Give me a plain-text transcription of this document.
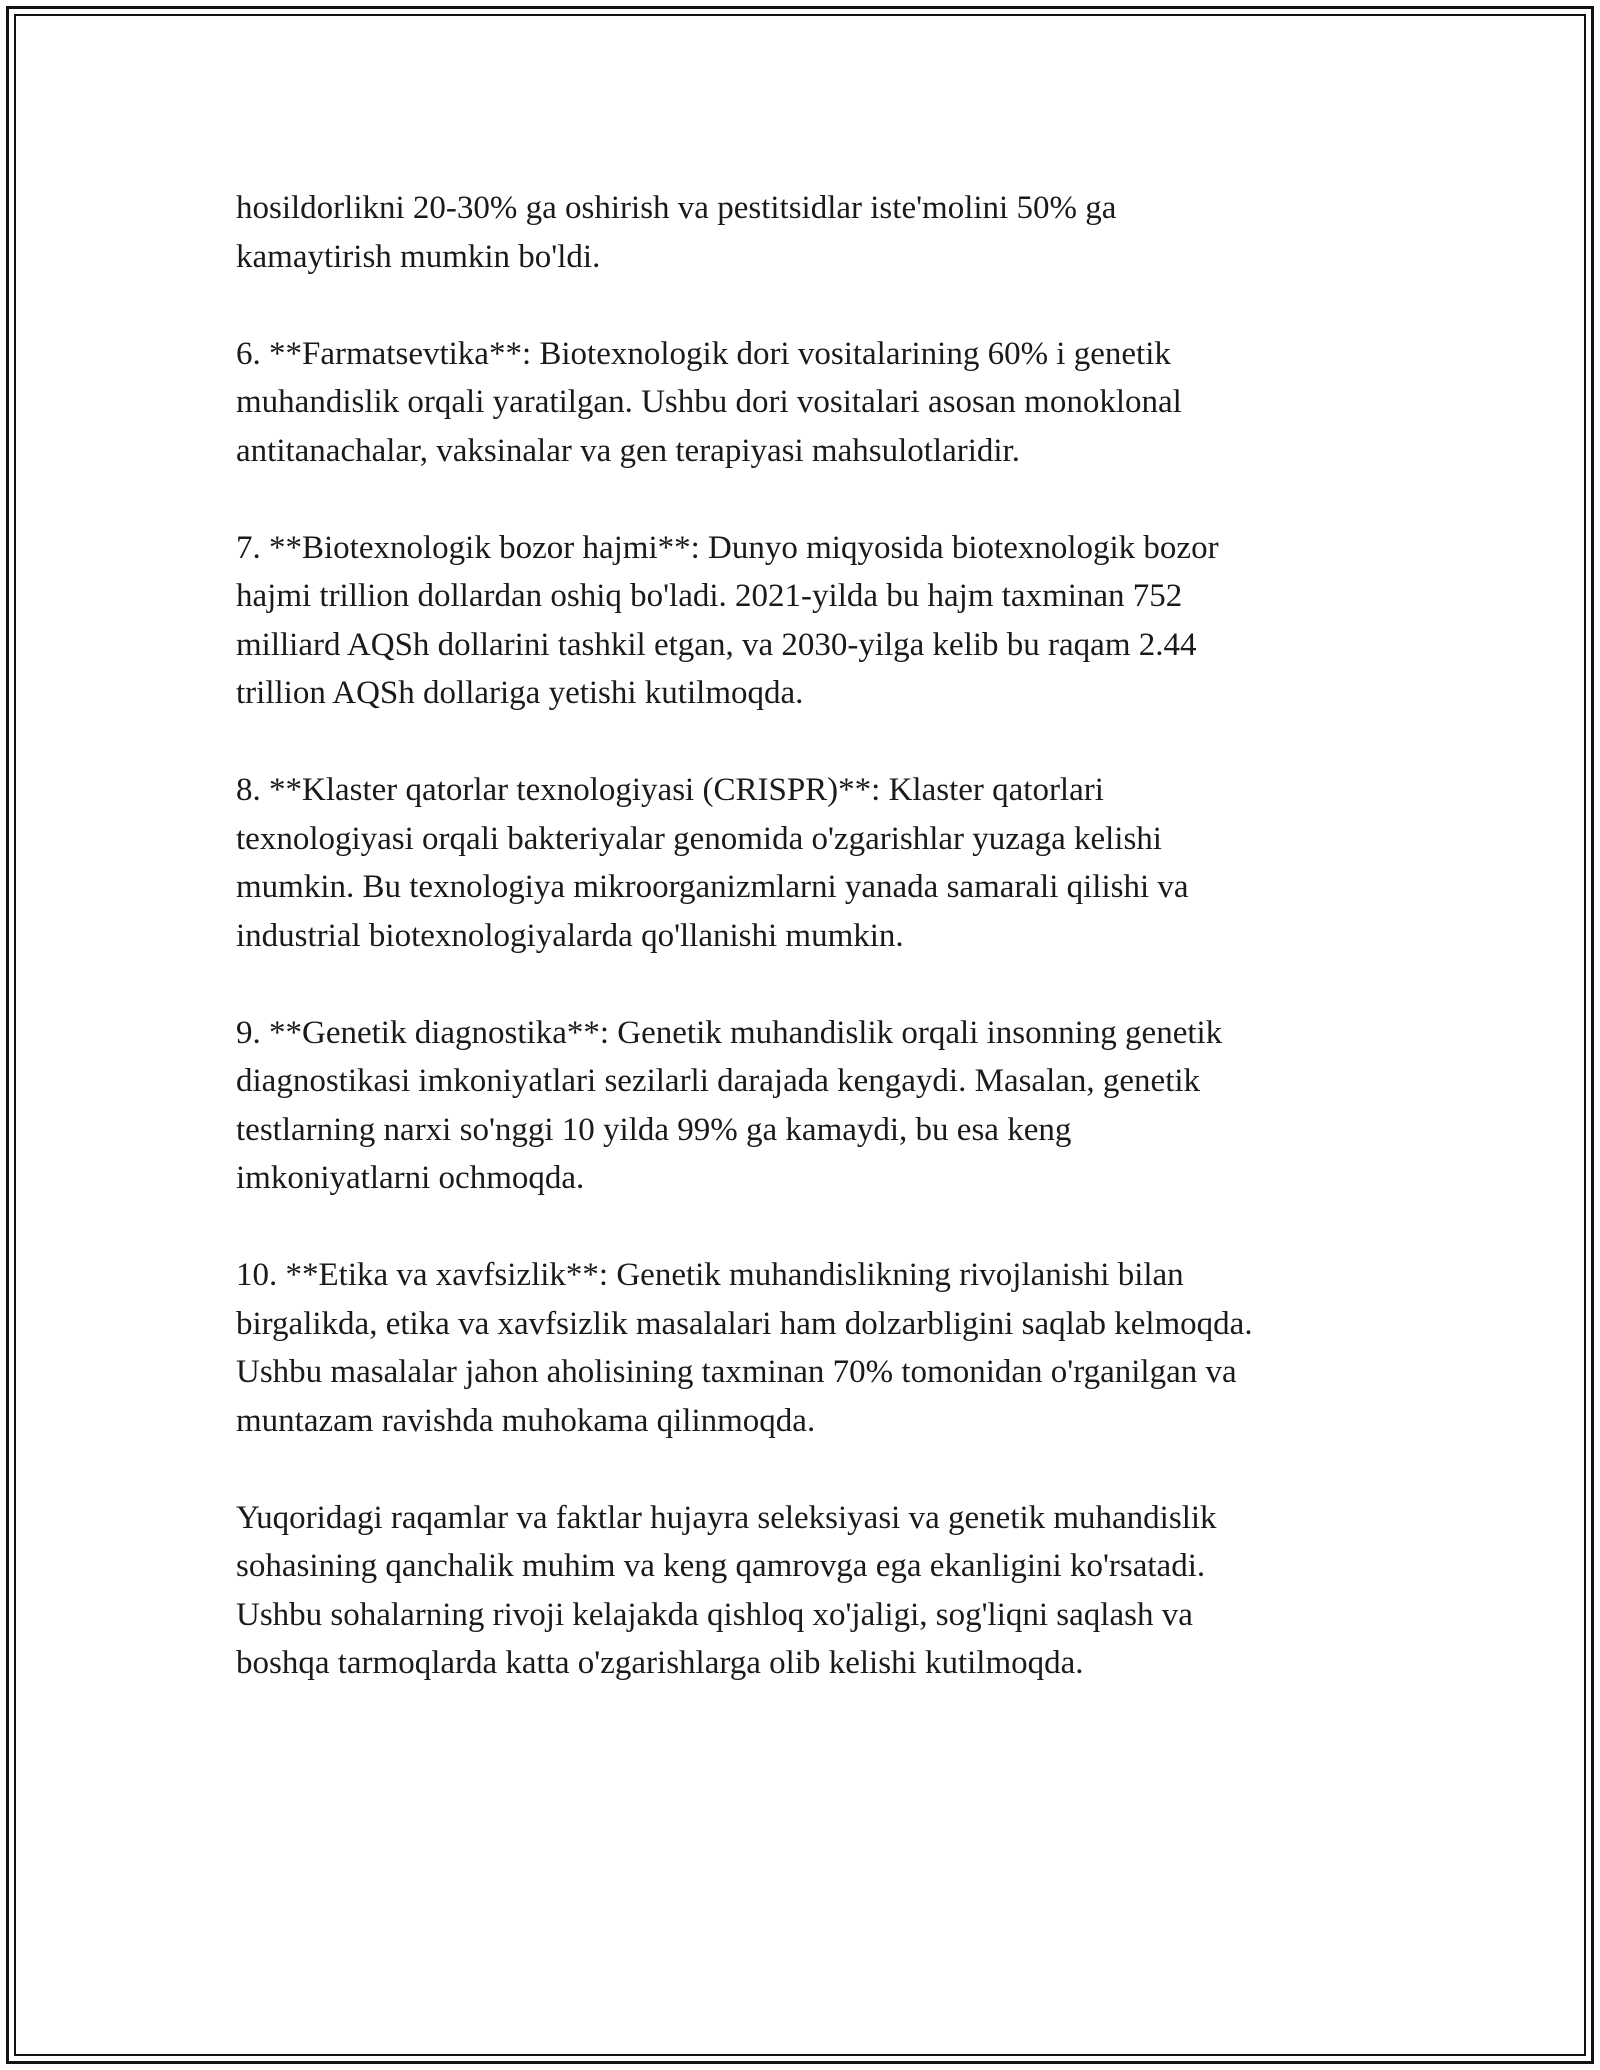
hosildorlikni 20-30% ga oshirish va pestitsidlar iste'molini 50% ga
kamaytirish mumkin bo'ldi.

6. **Farmatsevtika**: Biotexnologik dori vositalarining 60% i genetik
muhandislik orqali yaratilgan. Ushbu dori vositalari asosan monoklonal
antitanachalar, vaksinalar va gen terapiyasi mahsulotlaridir.

7. **Biotexnologik bozor hajmi**: Dunyo miqyosida biotexnologik bozor
hajmi trillion dollardan oshiq bo'ladi. 2021-yilda bu hajm taxminan 752
milliard AQSh dollarini tashkil etgan, va 2030-yilga kelib bu raqam 2.44
trillion AQSh dollariga yetishi kutilmoqda.

8. **Klaster qatorlar texnologiyasi (CRISPR)**: Klaster qatorlari
texnologiyasi orqali bakteriyalar genomida o'zgarishlar yuzaga kelishi
mumkin. Bu texnologiya mikroorganizmlarni yanada samarali qilishi va
industrial biotexnologiyalarda qo'llanishi mumkin.

9. **Genetik diagnostika**: Genetik muhandislik orqali insonning genetik
diagnostikasi imkoniyatlari sezilarli darajada kengaydi. Masalan, genetik
testlarning narxi so'nggi 10 yilda 99% ga kamaydi, bu esa keng
imkoniyatlarni ochmoqda.

10. **Etika va xavfsizlik**: Genetik muhandislikning rivojlanishi bilan
birgalikda, etika va xavfsizlik masalalari ham dolzarbligini saqlab kelmoqda.
Ushbu masalalar jahon aholisining taxminan 70% tomonidan o'rganilgan va
muntazam ravishda muhokama qilinmoqda.

Yuqoridagi raqamlar va faktlar hujayra seleksiyasi va genetik muhandislik
sohasining qanchalik muhim va keng qamrovga ega ekanligini ko'rsatadi.
Ushbu sohalarning rivoji kelajakda qishloq xo'jaligi, sog'liqni saqlash va
boshqa tarmoqlarda katta o'zgarishlarga olib kelishi kutilmoqda.
